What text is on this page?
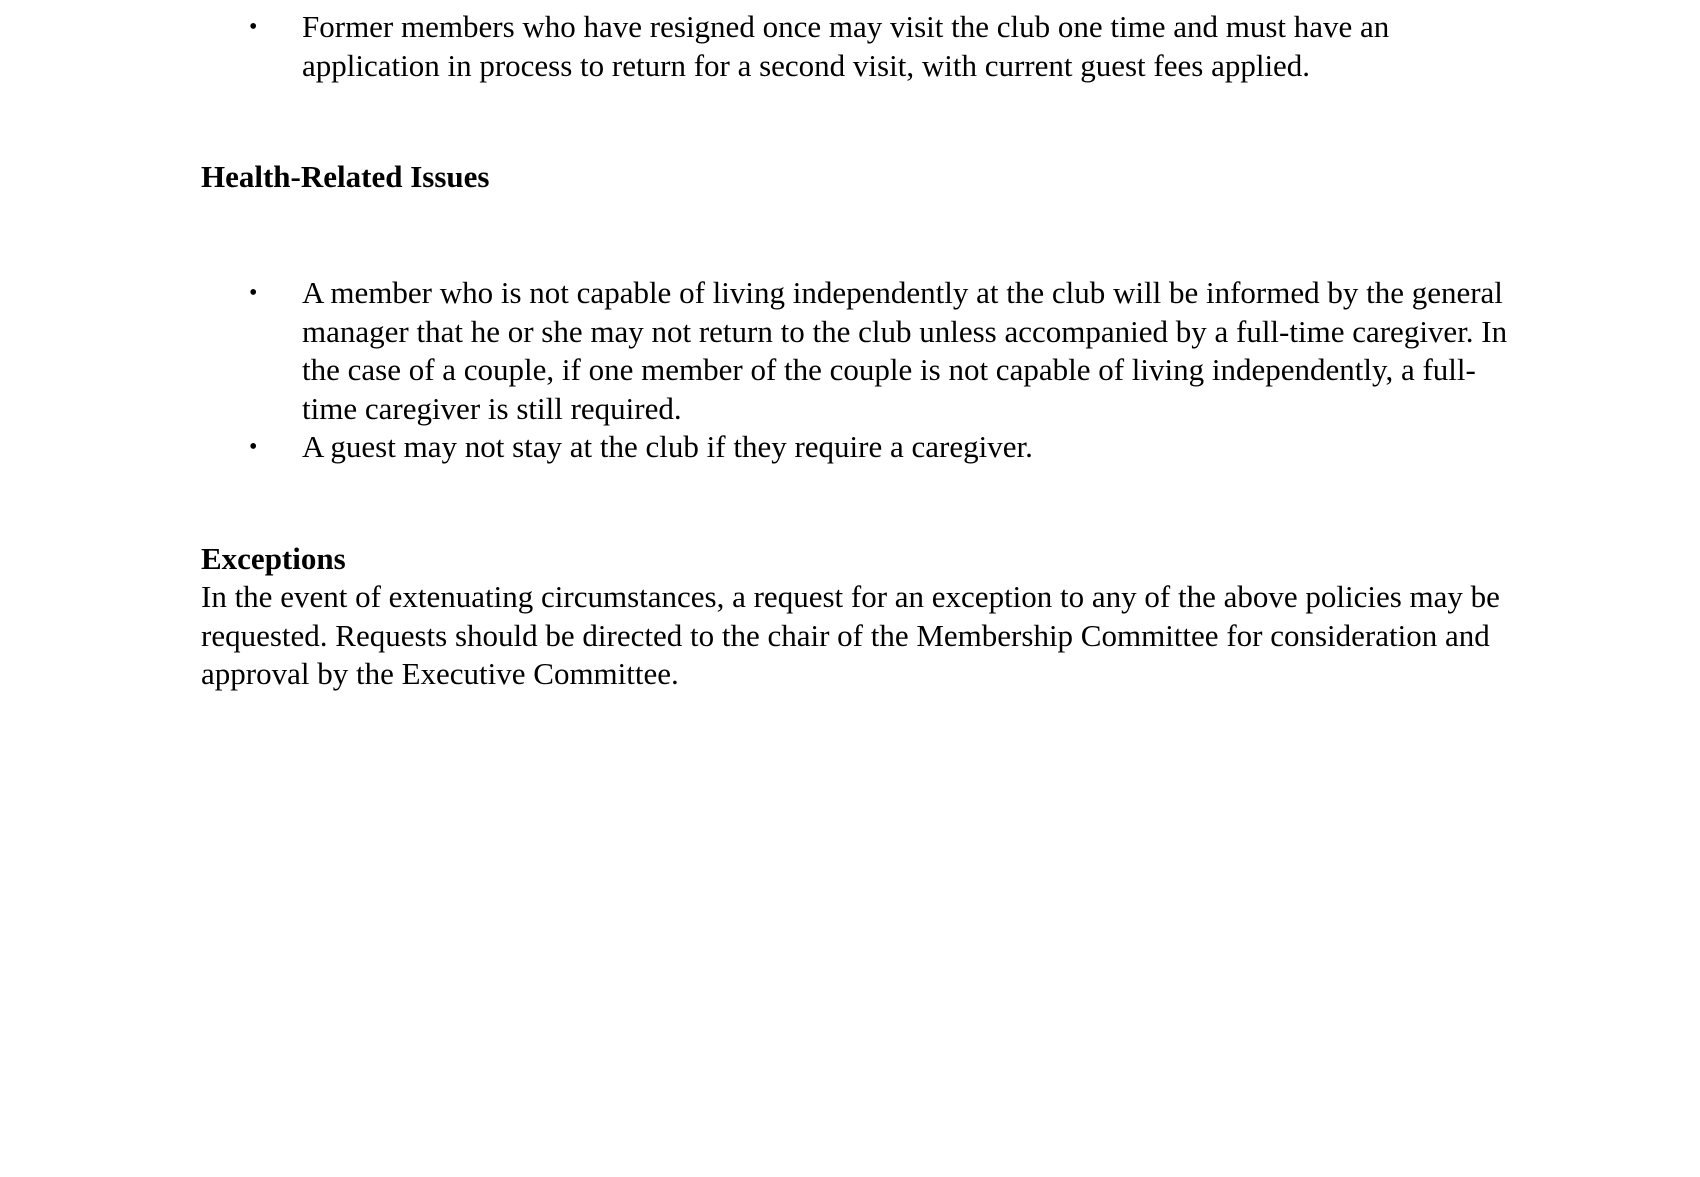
• Former members who have resigned once may visit the club one time and must have an application in process to return for a second visit, with current guest fees applied.
Health-Related Issues
• A member who is not capable of living independently at the club will be informed by the general manager that he or she may not return to the club unless accompanied by a full-time caregiver. In the case of a couple, if one member of the couple is not capable of living independently, a full-time caregiver is still required.
• A guest may not stay at the club if they require a caregiver.
Exceptions

In the event of extenuating circumstances, a request for an exception to any of the above policies may be requested. Requests should be directed to the chair of the Membership Committee for consideration and approval by the Executive Committee.
